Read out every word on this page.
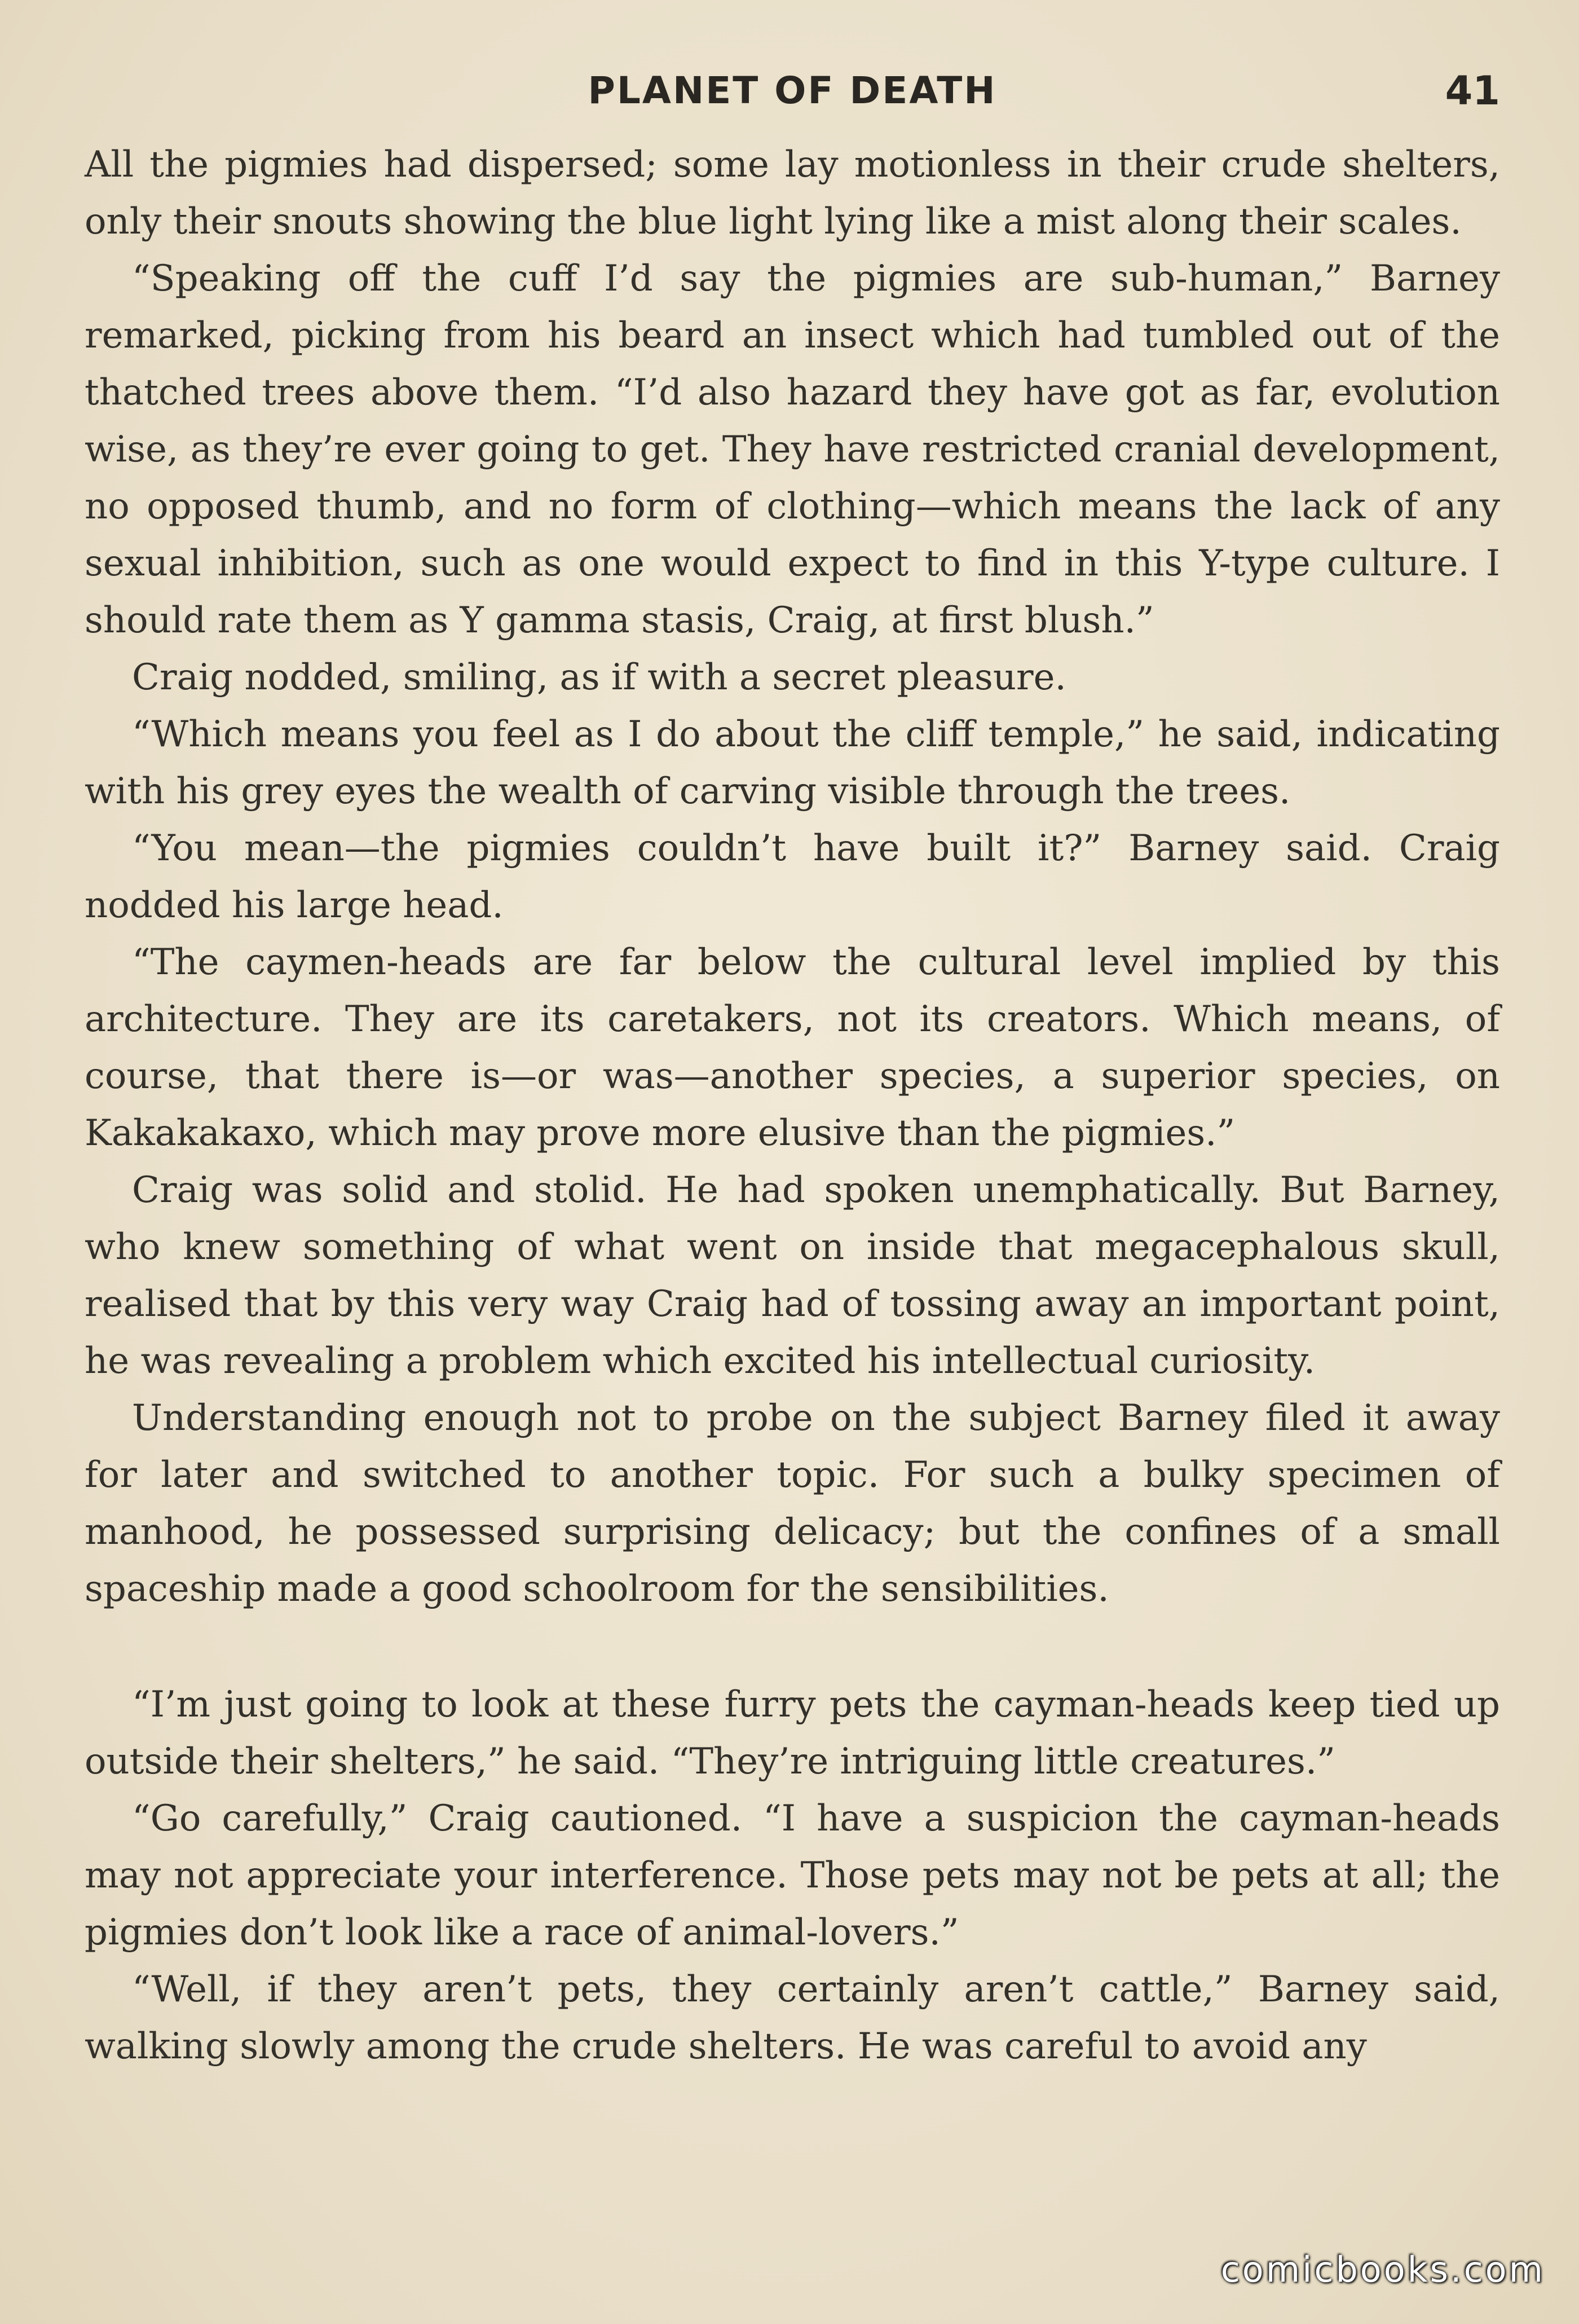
PLANET OF DEATH	41

All the pigmies had dispersed; some lay motionless in their crude shelters, only their snouts showing the blue light lying like a mist along their scales.

“Speaking off the cuff I’d say the pigmies are sub-human,” Barney remarked, picking from his beard an insect which had tumbled out of the thatched trees above them. “I’d also hazard they have got as far, evolution wise, as they’re ever going to get. They have restricted cranial development, no opposed thumb, and no form of clothing—which means the lack of any sexual inhibition, such as one would expect to find in this Y-type culture. I should rate them as Y gamma stasis, Craig, at first blush.”

Craig nodded, smiling, as if with a secret pleasure.

“Which means you feel as I do about the cliff temple,” he said, indicating with his grey eyes the wealth of carving visible through the trees.

“You mean—the pigmies couldn’t have built it?” Barney said. Craig nodded his large head.

“The caymen-heads are far below the cultural level implied by this architecture. They are its caretakers, not its creators. Which means, of course, that there is—or was—another species, a superior species, on Kakakakaxo, which may prove more elusive than the pigmies.”

Craig was solid and stolid. He had spoken unemphatically. But Barney, who knew something of what went on inside that megacephalous skull, realised that by this very way Craig had of tossing away an important point, he was revealing a problem which excited his intellectual curiosity.

Understanding enough not to probe on the subject Barney filed it away for later and switched to another topic. For such a bulky specimen of manhood, he possessed surprising delicacy; but the confines of a small spaceship made a good schoolroom for the sensibilities.

“I’m just going to look at these furry pets the cayman-heads keep tied up outside their shelters,” he said. “They’re intriguing little creatures.”

“Go carefully,” Craig cautioned. “I have a suspicion the cayman-heads may not appreciate your interference. Those pets may not be pets at all; the pigmies don’t look like a race of animal-lovers.”

“Well, if they aren’t pets, they certainly aren’t cattle,” Barney said, walking slowly among the crude shelters. He was careful to avoid any

comicbooks.com
